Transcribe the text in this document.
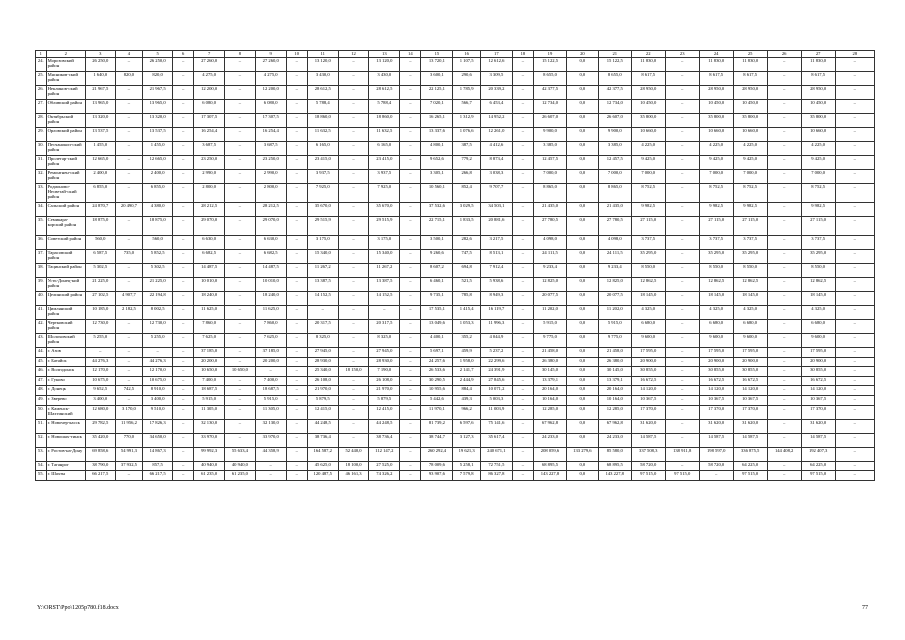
1	2	3	4	5	6	7	8	9	10	11	12	13	14	15	16	17	18	19	20	21	22	23	24	25	26	27	28
24.	Морозовский район	26 250,0	–	26 250,0	–	27 260,0	–	27 260,0	–	13 120,0	–	13 120,0	–	13 720,1	1 107,5	12 612,6	–	15 122,5	0,0	15 122,5	11 830,0	–	11 830,0	11 830,0	–	11 830,0	–
25.	Мясников-ский район	1 640,0	820,0	820,0	–	4 275,0	–	4 275,0	–	3 430,0	–	3 430,0	–	3 600,1	290,6	3 309,5	–	8 655,0	0,0	8 655,0	8 617,5	–	8 617,5	8 617,5	–	8 617,5	–
26.	Неклинов-ский район	21 967,5	–	21 967,5	–	12 200,0	–	12 200,0	–	28 612,5	–	28 612,5	–	22 125,1	1 785,9	20 339,2	–	42 377,5	0,0	42 377,5	28 950,0	–	28 950,0	28 950,0	–	28 950,0	–
27.	Обливский район	13 965,0	–	13 965,0	–	6 080,0	–	6 080,0	–	5 788,4	–	5 788,4	–	7 020,1	566,7	6 453,4	–	12 734,0	0,0	12 734,0	10 450,0	–	10 450,0	10 450,0	–	10 450,0	–
28.	Октябрьский район	13 320,0	–	13 320,0	–	17 307,5	–	17 307,5	–	18 860,0	–	18 860,0	–	16 265,1	1 312,9	14 952,2	–	26 607,0	0,0	26 607,0	35 800,0	–	35 800,0	35 800,0	–	35 800,0	–
29.	Орловский район	13 537,5	–	13 537,5	–	16 254,4	–	16 254,4	–	11 632,5	–	11 632,5	–	13 337,6	1 076,6	12 261,0	–	9 900,0	0,0	9 900,0	10 660,0	–	10 660,0	10 660,0	–	10 660,0	–
30.	Песчанокоп-ский район	1 455,0	–	1 455,0	–	3 687,5	–	3 687,5	–	6 165,0	–	6 165,0	–	4 800,1	387,5	4 412,6	–	3 385,0	0,0	3 385,0	4 225,0	–	4 225,0	4 225,0	–	4 225,0	–
31.	Пролетар-ский район	12 665,0	–	12 665,0	–	23 250,0	–	23 250,0	–	23 415,0	–	23 415,0	–	9 652,6	779,2	8 873,4	–	12 457,5	0,0	12 457,5	9 425,0	–	9 425,0	9 425,0	–	9 425,0	–
32.	Ремонтнен-ский район	2 400,0	–	2 400,0	–	2 990,0	–	2 990,0	–	3 937,5	–	3 937,5	–	3 305,1	266,8	3 038,3	–	7 000,0	0,0	7 000,0	7 000,0	–	7 000,0	7 000,0	–	7 000,0	–
33.	Родионово-Несветай-ский район	6 855,0	–	6 855,0	–	2 800,0	–	2 800,0	–	7 925,0	–	7 925,0	–	10 560,1	852,4	9 707,7	–	8 865,0	0,0	8 865,0	8 752,5	–	8 752,5	8 752,5	–	8 752,5	–
34.	Сальский район	24 870,7	20 490,7	4 380,0	–	28 212,5	–	28 212,5	–	35 670,0	–	35 670,0	–	37 532,6	3 029,5	34 503,1	–	21 435,0	0,0	21 435,0	9 982,5	–	9 982,5	9 982,5	–	9 982,5	–
35.	Семикара-корский район	18 875,0	–	18 875,0	–	29 070,0	–	29 070,0	–	29 515,9	–	29 515,9	–	22 715,1	1 833,5	20 881,6	–	27 780,5	0,0	27 780,5	27 115,0	–	27 115,0	27 115,0	–	27 115,0	–
36.	Советский район	560,0	–	560,0	–	6 630,0	–	6 630,0	–	3 175,0	–	3 175,0	–	3 500,1	282,6	3 217,5	–	4 098,0	0,0	4 098,0	3 737,5	–	3 737,5	3 737,5	–	3 737,5	–
37.	Тарасовский район	6 587,5	735,0	5 852,5	–	6 682,5	–	6 682,5	–	15 340,0	–	15 340,0	–	9 260,6	747,5	8 513,1	–	24 111,5	0,0	24 111,5	35 295,0	–	35 295,0	35 295,0	–	35 295,0	–
38.	Тацинский район	5 302,5	–	5 302,5	–	14 487,5	–	14 487,5	–	11 267,2	–	11 267,2	–	8 607,2	694,8	7 912,4	–	9 233,4	0,0	9 233,4	8 550,0	–	8 550,0	8 550,0	–	8 550,0	–
39.	Усть-Донец-кий район	21 225,0	–	21 225,0	–	10 010,0	–	10 010,0	–	13 387,5	–	13 387,5	–	6 460,1	521,5	5 938,6	–	12 825,0	0,0	12 825,0	12 862,5	–	12 862,5	12 862,5	–	12 862,5	–
40.	Целинский район	27 102,5	4 907,7	22 194,8	–	18 240,0	–	18 240,0	–	14 152,5	–	14 152,5	–	9 735,1	785,8	8 949,3	–	20 077,5	0,0	20 077,5	18 145,0	–	18 145,0	18 145,0	–	18 145,0	–
41.	Цимлянский район	10 185,0	2 182,5	8 002,5	–	11 625,0	–	11 625,0	–	–	–	–	–	17 535,1	1 415,4	16 119,7	–	11 202,0	0,0	11 202,0	4 325,0	–	4 325,0	4 325,0	–	4 325,0	–
42.	Чертковский район	12 730,0	–	12 730,0	–	7 860,0	–	7 860,0	–	20 317,5	–	20 317,5	–	13 049,6	1 053,3	11 996,3	–	5 915,0	0,0	5 915,0	6 680,0	–	6 680,0	6 680,0	–	6 680,0	–
43.	Шолоховский район	5 255,0	–	5 255,0	–	7 625,0	–	7 625,0	–	8 325,0	–	8 325,0	–	4 400,1	355,2	4 044,9	–	9 775,0	0,0	9 775,0	9 600,0	–	9 600,0	9 600,0	–	9 600,0	–
44.	г. Азов	–	–	–	–	37 185,0	–	37 185,0	–	27 945,0	–	27 945,0	–	5 697,1	459,9	5 237,2	–	21 458,0	0,0	21 458,0	17 595,0	–	17 595,0	17 595,0	–	17 595,0	–
45.	г. Батайск	44 276,3	–	44 276,3	–	20 200,0	–	20 200,0	–	28 930,0	–	28 930,0	–	24 257,6	1 958,0	22 299,6	–	26 380,0	0,0	26 380,0	20 900,0	–	20 900,0	20 900,0	–	20 900,0	–
46.	г. Волгодонск	12 170,0	–	12 170,0	–	10 650,0	10 650,0	–	–	25 340,0	18 150,0	7 190,0	–	26 533,6	2 141,7	24 391,9	–	30 145,0	0,0	30 145,0	30 855,0	–	30 855,0	30 855,0	–	30 855,0	–
47.	г. Гуково	10 675,0	–	10 675,0	–	7 400,0	–	7 400,0	–	26 108,0	–	26 108,0	–	30 290,5	2 444,9	27 845,6	–	13 379,1	0,0	13 379,1	16 672,5	–	16 672,5	16 672,5	–	16 672,5	–
48.	г. Донецк	9 652,5	742,5	8 910,0	–	18 687,5	–	18 687,5	–	21 970,0	–	21 970,0	–	10 955,6	884,4	10 071,2	–	20 164,0	0,0	20 164,0	14 120,0	–	14 120,0	14 120,0	–	14 120,0	–
49.	г. Зверево	3 400,0	–	3 400,0	–	5 915,0	–	5 915,0	–	5 879,5	–	5 879,5	–	5 442,6	439,3	5 003,3	–	10 164,0	0,0	10 164,0	10 367,5	–	10 367,5	10 367,5	–	10 367,5	–
50.	г. Каменск-Шахтинский	12 680,0	3 170,0	9 510,0	–	11 305,0	–	11 305,0	–	12 415,0	–	12 415,0	–	11 970,1	966,2	11 003,9	–	12 285,0	0,0	12 285,0	17 370,0	–	17 370,0	17 370,0	–	17 370,0	–
51.	г. Новочер-касск	29 782,5	11 956,2	17 826,3	–	32 130,0	–	32 130,0	–	44 248,5	–	44 248,5	–	81 739,2	6 597,6	75 141,6	–	67 962,8	0,0	67 962,8	31 620,0	–	31 620,0	31 620,0	–	31 620,0	–
52.	г. Новошах-тинск	35 420,0	770,0	34 650,0	–	33 970,0	–	33 970,0	–	38 736,4	–	38 736,4	–	38 744,7	3 127,3	35 617,4	–	24 233,0	0,0	24 233,0	14 587,5	–	14 587,5	14 587,5	–	14 587,5	–
53.	г. Ростов-на-Дону	69 858,6	54 991,3	14 867,3	–	99 992,3	55 633,4	44 358,9	–	164 587,2	52 440,0	112 147,2	–	260 292,4	19 621,3	240 671,1	–	208 059,6	133 279,6	85 580,0	337 508,3	138 911,8	198 597,0	336 875,5	144 408,2	192 407,3	–
54.	г. Таганрог	38 790,0	37 932,5	857,5	–	40 940,0	40 940,0	–	–	45 625,0	18 100,0	27 525,0	–	78 009,6	5 258,1	72 751,5	–	68 895,5	0,0	68 895,5	58 720,0	–	58 720,0	64 225,0	–	64 225,0	–
55.	г. Шахты	66 217,5	–	66 217,5	–	61 235,0	61 235,0	–	–	120 487,5	46 161,3	74 326,2	–	93 907,6	7 579,8	86 327,8	–	143 227,8	0,0	143 227,8	97 515,0	97 515,0	–	97 515,0	–	97 515,0	–
Y:\ORST\Ppo\1205p780.f18.docx	77
